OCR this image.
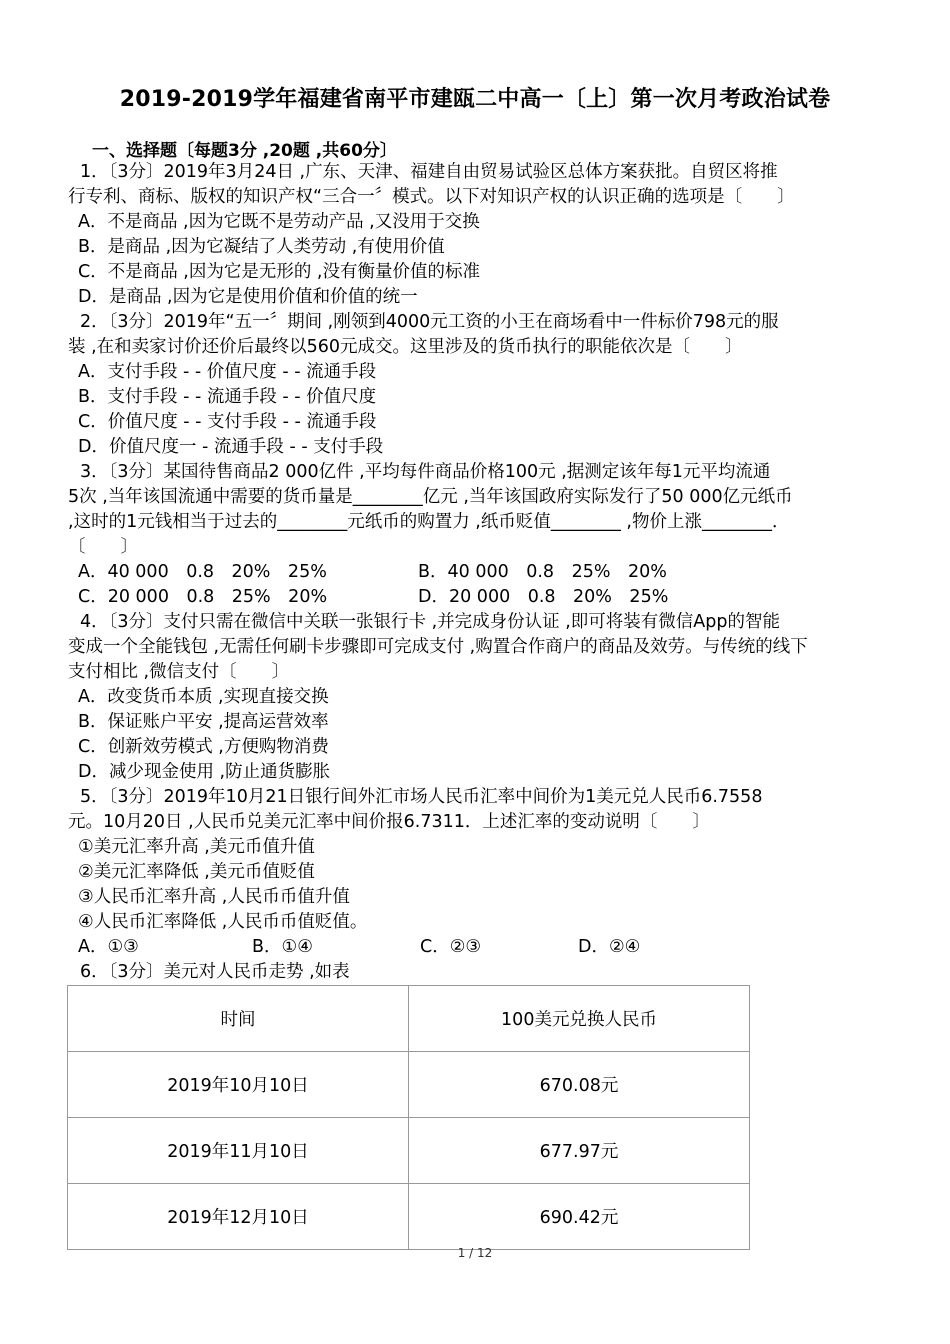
2019-2019学年福建省南平市建瓯二中高一〔上〕第一次月考政治试卷
一、选择题〔每题3分 ,20题 ,共60分〕
1．〔3分〕2019年3月24日 ,广东、天津、福建自由贸易试验区总体方案获批。自贸区将推
行专利、商标、版权的知识产权“三合一〞模式。以下对知识产权的认识正确的选项是〔　　〕
A．不是商品 ,因为它既不是劳动产品 ,又没用于交换
B．是商品 ,因为它凝结了人类劳动 ,有使用价值
C．不是商品 ,因为它是无形的 ,没有衡量价值的标准
D．是商品 ,因为它是使用价值和价值的统一
2．〔3分〕2019年“五一〞期间 ,刚领到4000元工资的小王在商场看中一件标价798元的服
装 ,在和卖家讨价还价后最终以560元成交。这里涉及的货币执行的职能依次是〔　　〕
A．支付手段 - - 价值尺度 - - 流通手段
B．支付手段 - - 流通手段 - - 价值尺度
C．价值尺度 - - 支付手段 - - 流通手段
D．价值尺度一 - 流通手段 - - 支付手段
3．〔3分〕某国待售商品2 000亿件 ,平均每件商品价格100元 ,据测定该年每1元平均流通
5次 ,当年该国流通中需要的货币量是________亿元 ,当年该国政府实际发行了50 000亿元纸币
,这时的1元钱相当于过去的________元纸币的购置力 ,纸币贬值________ ,物价上涨________．
〔　　〕
A．40 000　0.8　20%　25%	B．40 000　0.8　25%　20%
C．20 000　0.8　25%　20%	D．20 000　0.8　20%　25%
4．〔3分〕支付只需在微信中关联一张银行卡 ,并完成身份认证 ,即可将装有微信App的智能
变成一个全能钱包 ,无需任何刷卡步骤即可完成支付 ,购置合作商户的商品及效劳。与传统的线下
支付相比 ,微信支付〔　　〕
A．改变货币本质 ,实现直接交换
B．保证账户平安 ,提高运营效率
C．创新效劳模式 ,方便购物消费
D．减少现金使用 ,防止通货膨胀
5．〔3分〕2019年10月21日银行间外汇市场人民币汇率中间价为1美元兑人民币6.7558
元。10月20日 ,人民币兑美元汇率中间价报6.7311．上述汇率的变动说明〔　　〕
①美元汇率升高 ,美元币值升值
②美元汇率降低 ,美元币值贬值
③人民币汇率升高 ,人民币币值升值
④人民币汇率降低 ,人民币币值贬值。
A．①③	B．①④	C．②③	D．②④
6．〔3分〕美元对人民币走势 ,如表
时间	100美元兑换人民币
2019年10月10日	670.08元
2019年11月10日	677.97元
2019年12月10日	690.42元
1 / 12
